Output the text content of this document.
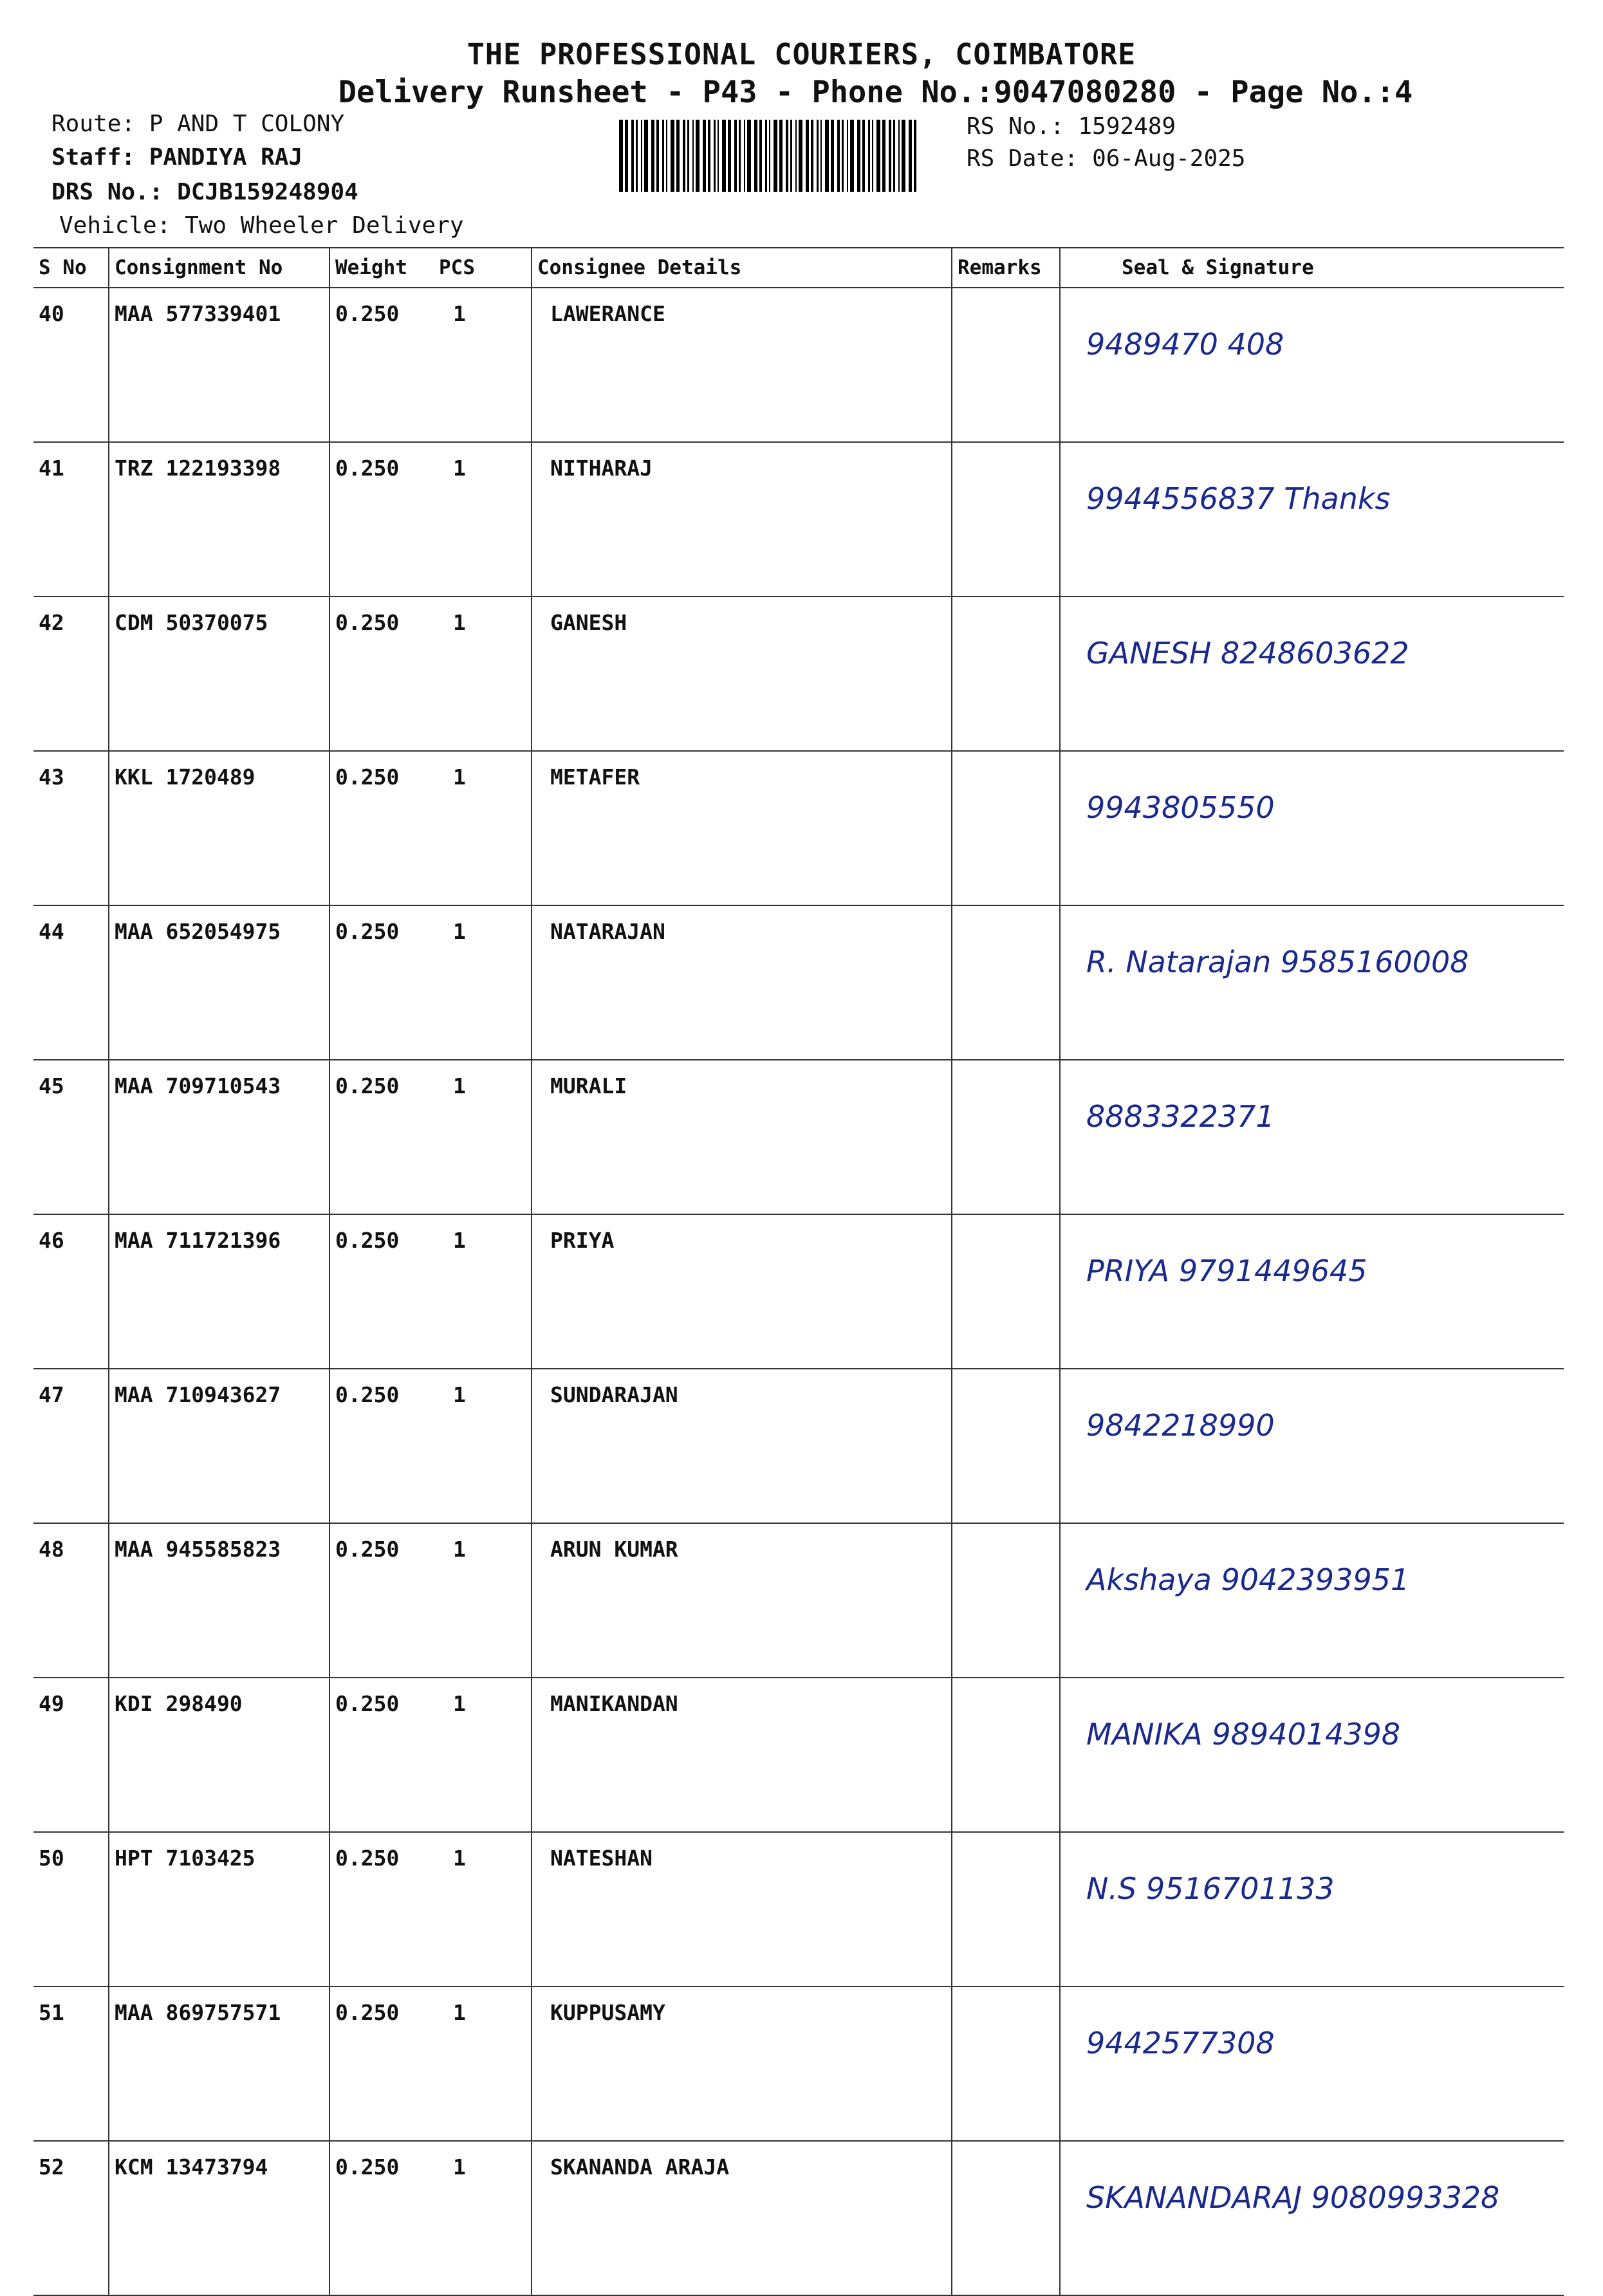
THE PROFESSIONAL COURIERS, COIMBATORE
Delivery Runsheet - P43 - Phone No.:9047080280 - Page No.:4
Route: P AND T COLONY
Staff: PANDIYA RAJ
DRS No.: DCJB159248904
Vehicle: Two Wheeler Delivery
RS No.: 1592489
RS Date: 06-Aug-2025
S No	Consignment No	Weight	PCS	Consignee Details	Remarks	Seal & Signature
40	MAA 577339401	0.250	1	LAWERANCE		9489470 408
41	TRZ 122193398	0.250	1	NITHARAJ		9944556837 Thanks
42	CDM 50370075	0.250	1	GANESH		GANESH 8248603622
43	KKL 1720489	0.250	1	METAFER		9943805550
44	MAA 652054975	0.250	1	NATARAJAN		R. Natarajan 9585160008
45	MAA 709710543	0.250	1	MURALI		8883322371
46	MAA 711721396	0.250	1	PRIYA		PRIYA 9791449645
47	MAA 710943627	0.250	1	SUNDARAJAN		9842218990
48	MAA 945585823	0.250	1	ARUN KUMAR		Akshaya 9042393951
49	KDI 298490	0.250	1	MANIKANDAN		MANIKA 9894014398
50	HPT 7103425	0.250	1	NATESHAN		N.S 9516701133
51	MAA 869757571	0.250	1	KUPPUSAMY		9442577308
52	KCM 13473794	0.250	1	SKANANDA ARAJA		SKANANDARAJ 9080993328
